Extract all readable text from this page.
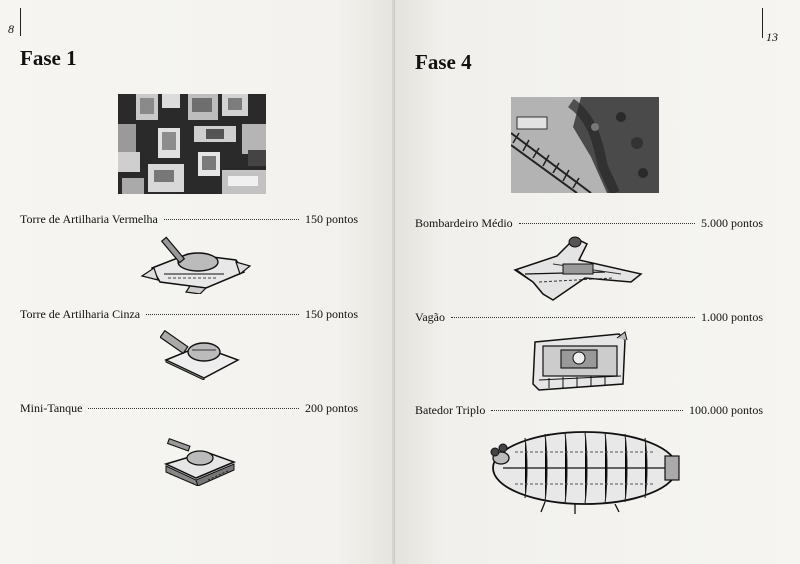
8
Fase 1
Torre de Artilharia Vermelha	150 pontos
Torre de Artilharia Cinza	150 pontos
Mini-Tanque	200 pontos
13
Fase 4
Bombardeiro Médio	5.000 pontos
Vagão	1.000 pontos
Batedor Triplo	100.000 pontos
